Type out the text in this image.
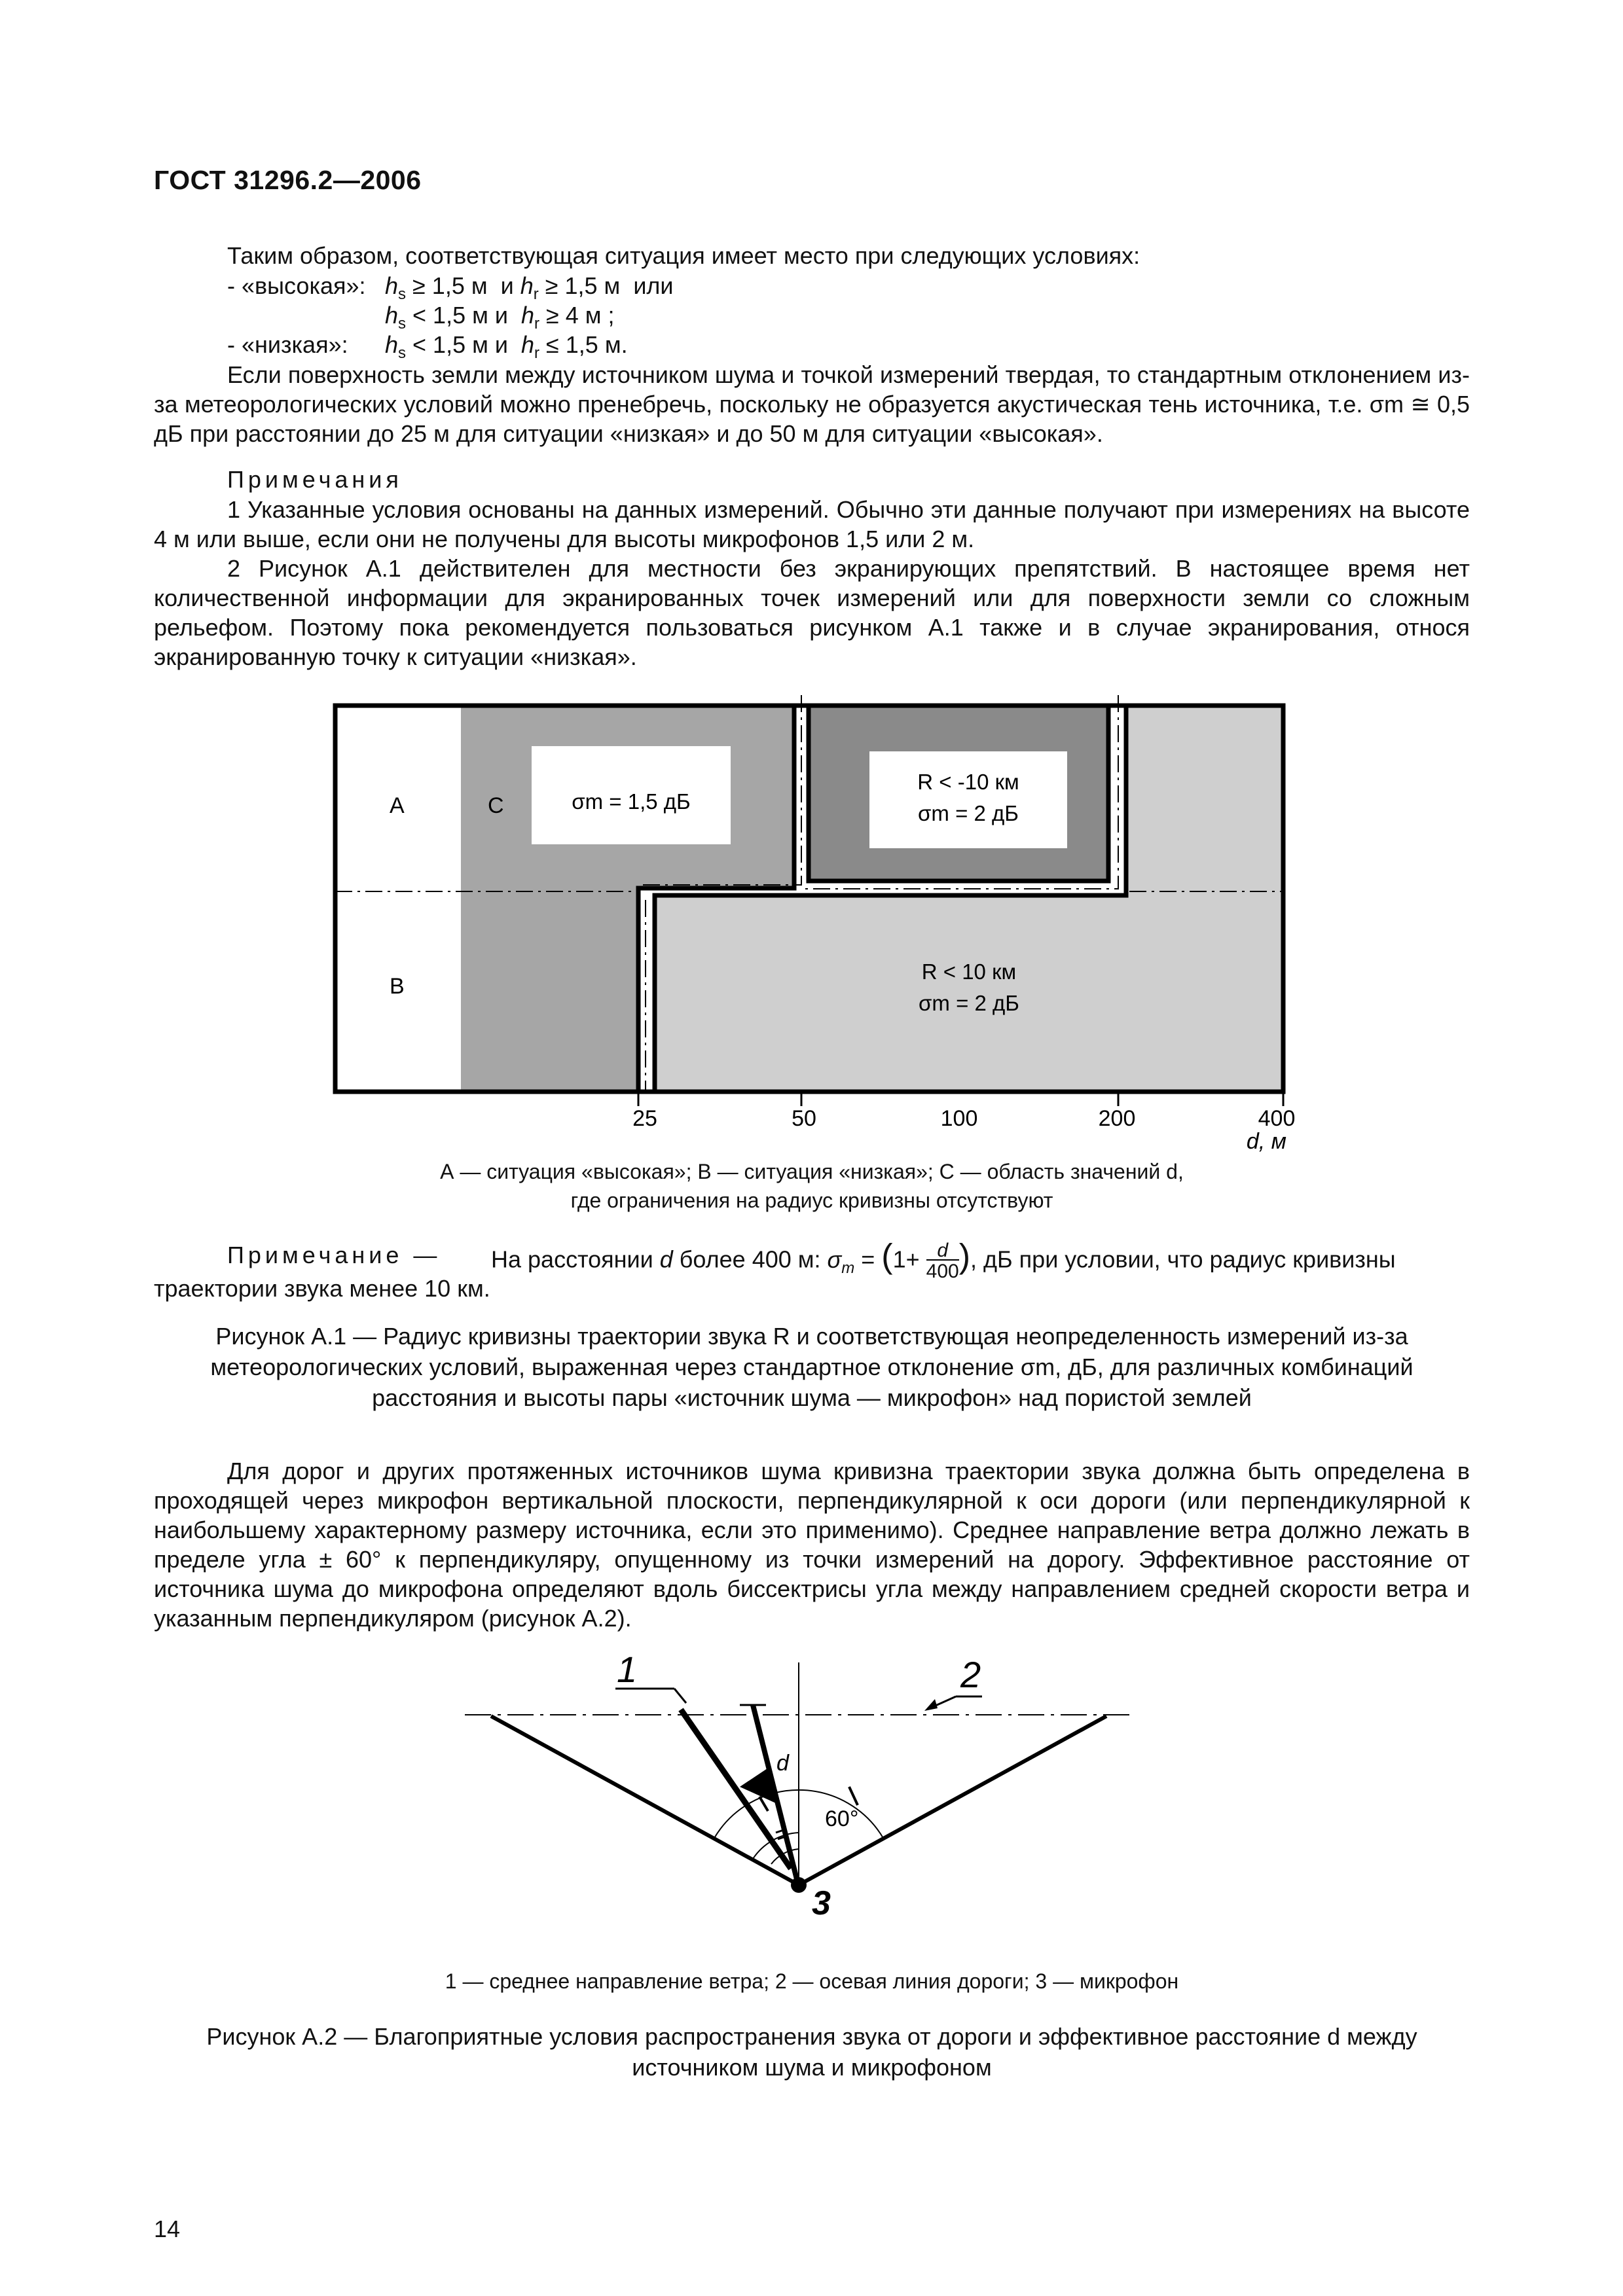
ГОСТ 31296.2—2006
Таким образом, соответствующая ситуация имеет место при следующих условиях:
- «высокая»: $h_s \ge 1,5$ м  и $h_r \ge 1,5$ м  или
$h_s < 1,5$ м и  $h_r \ge 4$ м ;
- «низкая»: $h_s < 1,5$ м и  $h_r \le 1,5$ м.
Если поверхность земли между источником шума и точкой измерений твердая, то стандартным отклонением из-за метеорологических условий можно пренебречь, поскольку не образуется акустическая тень источника, т.е. σm ≅ 0,5 дБ при расстоянии до 25 м для ситуации «низкая» и до 50 м для ситуации «высокая».
Примечания
1 Указанные условия основаны на данных измерений. Обычно эти данные получают при измерениях на высоте 4 м или выше, если они не получены для высоты микрофонов 1,5 или 2 м.
2 Рисунок А.1 действителен для местности без экранирующих препятствий. В настоящее время нет количественной информации для экранированных точек измерений или для поверхности земли со сложным рельефом. Поэтому пока рекомендуется пользоваться рисунком А.1 также и в случае экранирования, относя экранированную точку к ситуации «низкая».
А	С
В
σm = 1,5 дБ
R < -10 км
σm = 2 дБ
R < 10 км
σm = 2 дБ
25	50	100	200	400
d, м
А — ситуация «высокая»; В — ситуация «низкая»; С — область значений d,
где ограничения на радиус кривизны отсутствуют
Примечание — На расстоянии d более 400 м: $\sigma_m = (1+ \frac{d}{400})$, дБ при условии, что радиус кривизны
траектории звука менее 10 км.
Рисунок А.1 — Радиус кривизны траектории звука R и соответствующая неопределенность измерений из-за метеорологических условий, выраженная через стандартное отклонение σm, дБ, для различных комбинаций расстояния и высоты пары «источник шума — микрофон» над пористой землей
Для дорог и других протяженных источников шума кривизна траектории звука должна быть определена в проходящей через микрофон вертикальной плоскости, перпендикулярной к оси дороги (или перпендикулярной к наибольшему характерному размеру источника, если это применимо). Среднее направление ветра должно лежать в пределе угла ± 60° к перпендикуляру, опущенному из точки измерений на дорогу. Эффективное расстояние от источника шума до микрофона определяют вдоль биссектрисы угла между направлением средней скорости ветра и указанным перпендикуляром (рисунок А.2).
1	2
3
d
60°
1 — среднее направление ветра; 2 — осевая линия дороги; 3 — микрофон
Рисунок А.2 — Благоприятные условия распространения звука от дороги и эффективное расстояние d между источником шума и микрофоном
14
